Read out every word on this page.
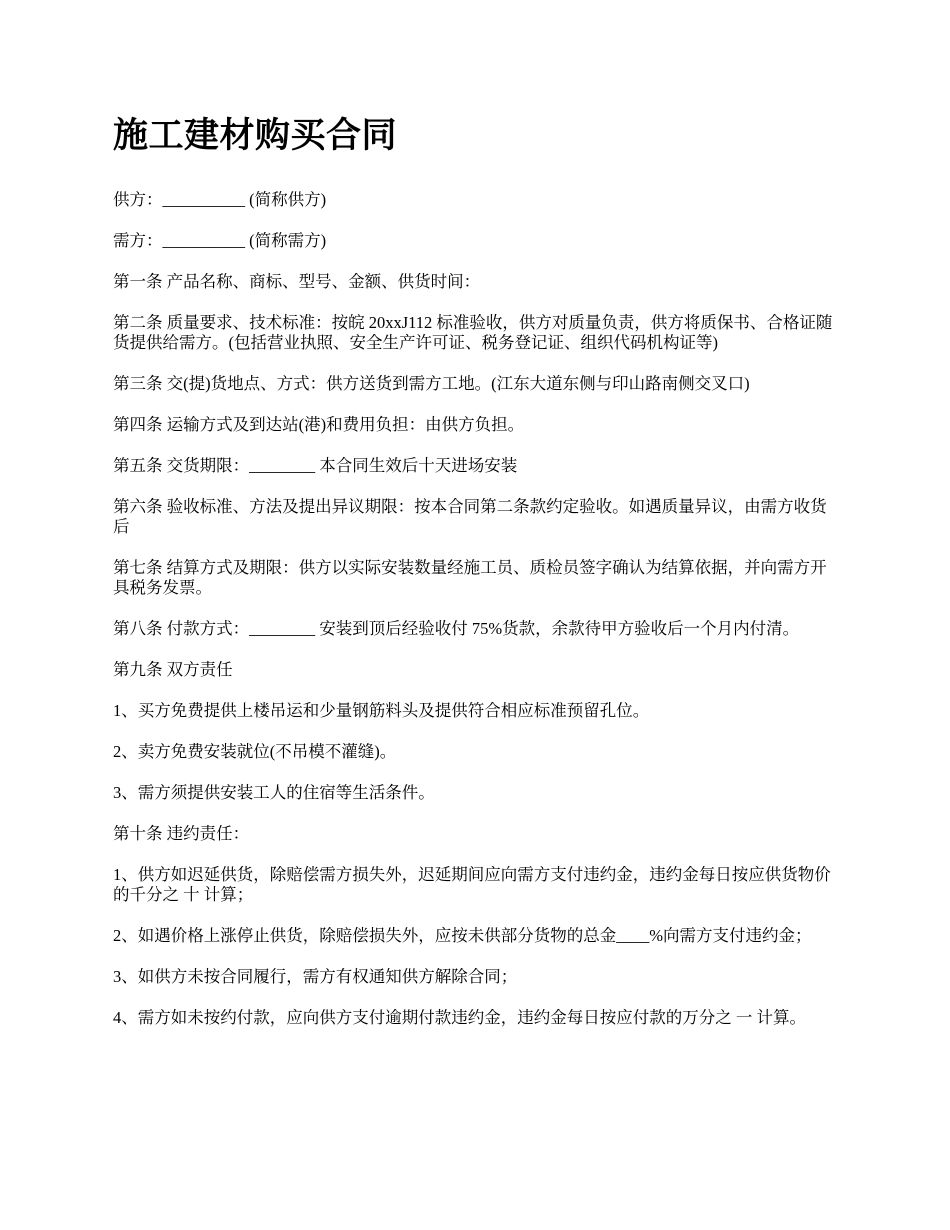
施工建材购买合同

供方：__________ (简称供方)

需方：__________ (简称需方)

第一条 产品名称、商标、型号、金额、供货时间：

第二条 质量要求、技术标准：按皖 20xxJ112 标准验收，供方对质量负责，供方将质保书、合格证随货提供给需方。(包括营业执照、安全生产许可证、税务登记证、组织代码机构证等)

第三条 交(提)货地点、方式：供方送货到需方工地。(江东大道东侧与印山路南侧交叉口)

第四条 运输方式及到达站(港)和费用负担：由供方负担。

第五条 交货期限：________ 本合同生效后十天进场安装

第六条 验收标准、方法及提出异议期限：按本合同第二条款约定验收。如遇质量异议，由需方收货后

第七条 结算方式及期限：供方以实际安装数量经施工员、质检员签字确认为结算依据，并向需方开具税务发票。

第八条 付款方式：________ 安装到顶后经验收付 75%货款，余款待甲方验收后一个月内付清。

第九条 双方责任

1、买方免费提供上楼吊运和少量钢筋料头及提供符合相应标准预留孔位。

2、卖方免费安装就位(不吊模不灌缝)。

3、需方须提供安装工人的住宿等生活条件。

第十条 违约责任：

1、供方如迟延供货，除赔偿需方损失外，迟延期间应向需方支付违约金，违约金每日按应供货物价的千分之 十 计算；

2、如遇价格上涨停止供货，除赔偿损失外，应按未供部分货物的总金____%向需方支付违约金；

3、如供方未按合同履行，需方有权通知供方解除合同；

4、需方如未按约付款，应向供方支付逾期付款违约金，违约金每日按应付款的万分之 一 计算。
